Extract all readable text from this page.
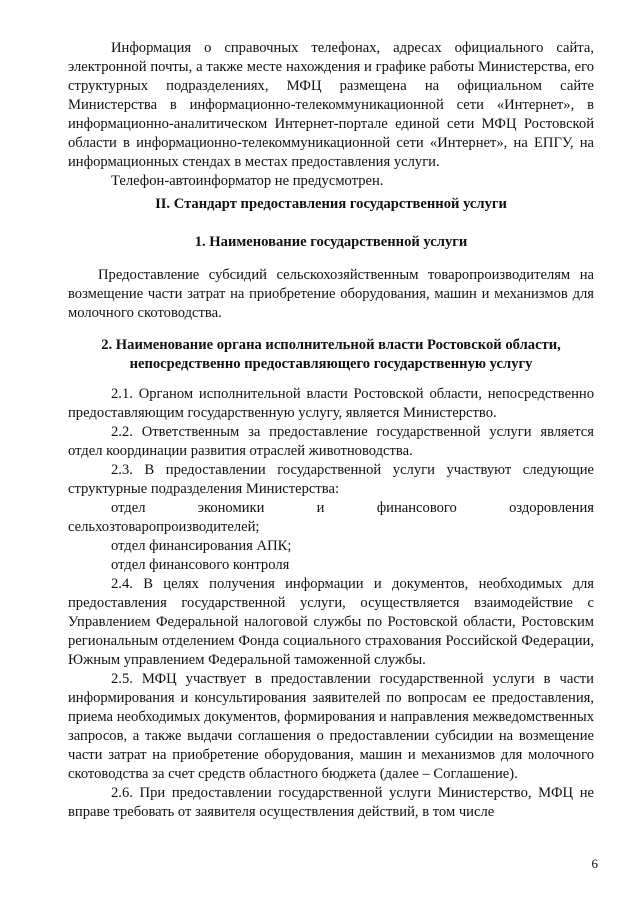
Информация о справочных телефонах, адресах официального сайта, электронной почты, а также месте нахождения и графике работы Министерства, его структурных подразделениях, МФЦ размещена на официальном сайте Министерства в информационно-телекоммуникационной сети «Интернет», в информационно-аналитическом Интернет-портале единой сети МФЦ Ростовской области в информационно-телекоммуникационной сети «Интернет», на ЕПГУ, на информационных стендах в местах предоставления услуги.

Телефон-автоинформатор не предусмотрен.

II. Стандарт предоставления государственной услуги

1. Наименование государственной услуги

Предоставление субсидий сельскохозяйственным товаропроизводителям на возмещение части затрат на приобретение оборудования, машин и механизмов для молочного скотоводства.

2. Наименование органа исполнительной власти Ростовской области,

непосредственно предоставляющего государственную услугу

2.1. Органом исполнительной власти Ростовской области, непосредственно предоставляющим государственную услугу, является Министерство.

2.2. Ответственным за предоставление государственной услуги является отдел координации развития отраслей животноводства.

2.3. В предоставлении государственной услуги участвуют следующие структурные подразделения Министерства:

отдел экономики и финансового оздоровления сельхозтоваропроизводителей;

отдел финансирования АПК;

отдел финансового контроля

2.4. В целях получения информации и документов, необходимых для предоставления государственной услуги, осуществляется взаимодействие с Управлением Федеральной налоговой службы по Ростовской области, Ростовским региональным отделением Фонда социального страхования Российской Федерации, Южным управлением Федеральной таможенной службы.

2.5. МФЦ участвует в предоставлении государственной услуги в части информирования и консультирования заявителей по вопросам ее предоставления, приема необходимых документов, формирования и направления межведомственных запросов, а также выдачи соглашения о предоставлении субсидии на возмещение части затрат на приобретение оборудования, машин и механизмов для молочного скотоводства за счет средств областного бюджета (далее – Соглашение).

2.6. При предоставлении государственной услуги Министерство, МФЦ не вправе требовать от заявителя осуществления действий, в том числе

6
